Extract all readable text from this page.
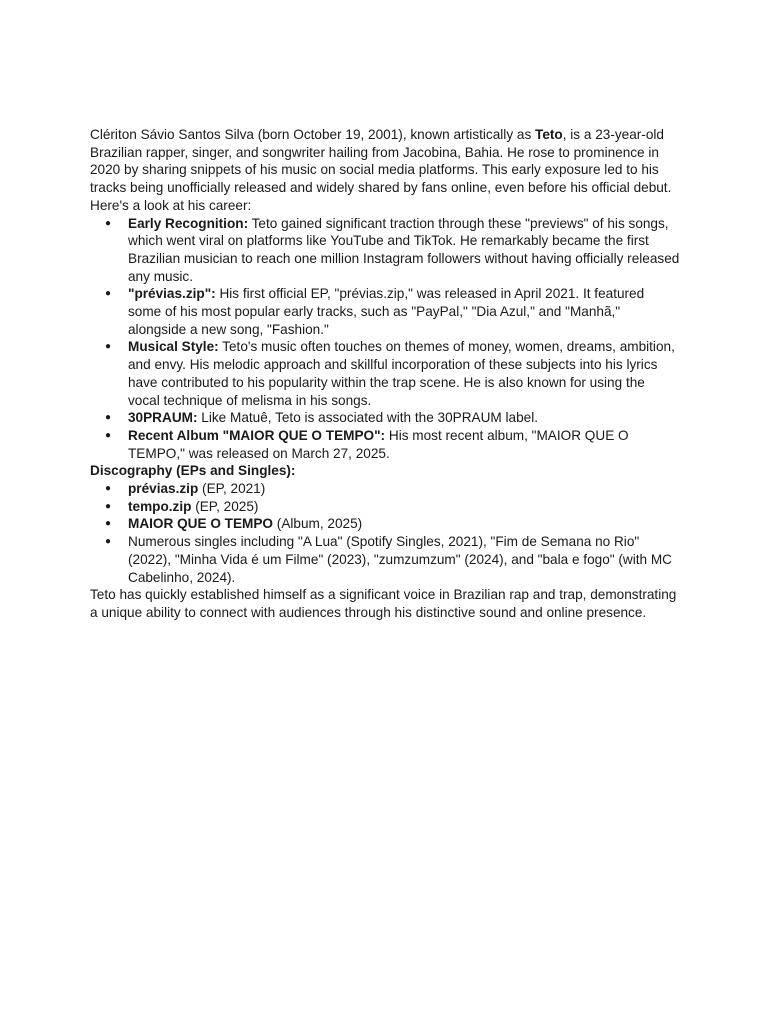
Clériton Sávio Santos Silva (born October 19, 2001), known artistically as Teto, is a 23-year-old Brazilian rapper, singer, and songwriter hailing from Jacobina, Bahia. He rose to prominence in 2020 by sharing snippets of his music on social media platforms. This early exposure led to his tracks being unofficially released and widely shared by fans online, even before his official debut.

Here's a look at his career:

● Early Recognition: Teto gained significant traction through these "previews" of his songs, which went viral on platforms like YouTube and TikTok. He remarkably became the first Brazilian musician to reach one million Instagram followers without having officially released any music.
● "prévias.zip": His first official EP, "prévias.zip," was released in April 2021. It featured some of his most popular early tracks, such as "PayPal," "Dia Azul," and "Manhã," alongside a new song, "Fashion."
● Musical Style: Teto's music often touches on themes of money, women, dreams, ambition, and envy. His melodic approach and skillful incorporation of these subjects into his lyrics have contributed to his popularity within the trap scene. He is also known for using the vocal technique of melisma in his songs.
● 30PRAUM: Like Matuê, Teto is associated with the 30PRAUM label.
● Recent Album "MAIOR QUE O TEMPO": His most recent album, "MAIOR QUE O TEMPO," was released on March 27, 2025.

Discography (EPs and Singles):

● prévias.zip (EP, 2021)
● tempo.zip (EP, 2025)
● MAIOR QUE O TEMPO (Album, 2025)
● Numerous singles including "A Lua" (Spotify Singles, 2021), "Fim de Semana no Rio" (2022), "Minha Vida é um Filme" (2023), "zumzumzum" (2024), and "bala e fogo" (with MC Cabelinho, 2024).

Teto has quickly established himself as a significant voice in Brazilian rap and trap, demonstrating a unique ability to connect with audiences through his distinctive sound and online presence.
